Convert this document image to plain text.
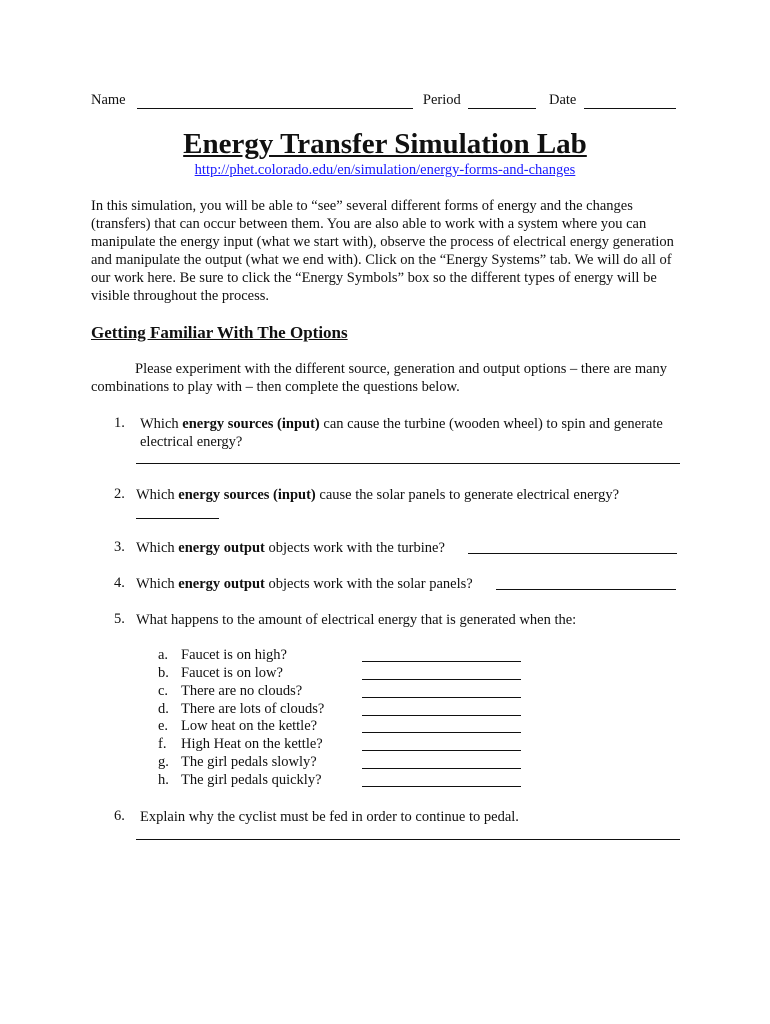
Name	Period	Date
Energy Transfer Simulation Lab
http://phet.colorado.edu/en/simulation/energy-forms-and-changes
In this simulation, you will be able to “see” several different forms of energy and the changes (transfers) that can occur between them. You are also able to work with a system where you can manipulate the energy input (what we start with), observe the process of electrical energy generation and manipulate the output (what we end with). Click on the “Energy Systems” tab. We will do all of our work here. Be sure to click the “Energy Symbols” box so the different types of energy will be visible throughout the process.
Getting Familiar With The Options
Please experiment with the different source, generation and output options – there are many combinations to play with – then complete the questions below.
1.	Which energy sources (input) can cause the turbine (wooden wheel) to spin and generate electrical energy?
2. Which energy sources (input) cause the solar panels to generate electrical energy?
3. Which energy output objects work with the turbine?
4. Which energy output objects work with the solar panels?
5. What happens to the amount of electrical energy that is generated when the:
a. Faucet is on high?
b. Faucet is on low?
c. There are no clouds?
d. There are lots of clouds?
e. Low heat on the kettle?
f.	High Heat on the kettle?
g. The girl pedals slowly?
h. The girl pedals quickly?
6.	Explain why the cyclist must be fed in order to continue to pedal.
